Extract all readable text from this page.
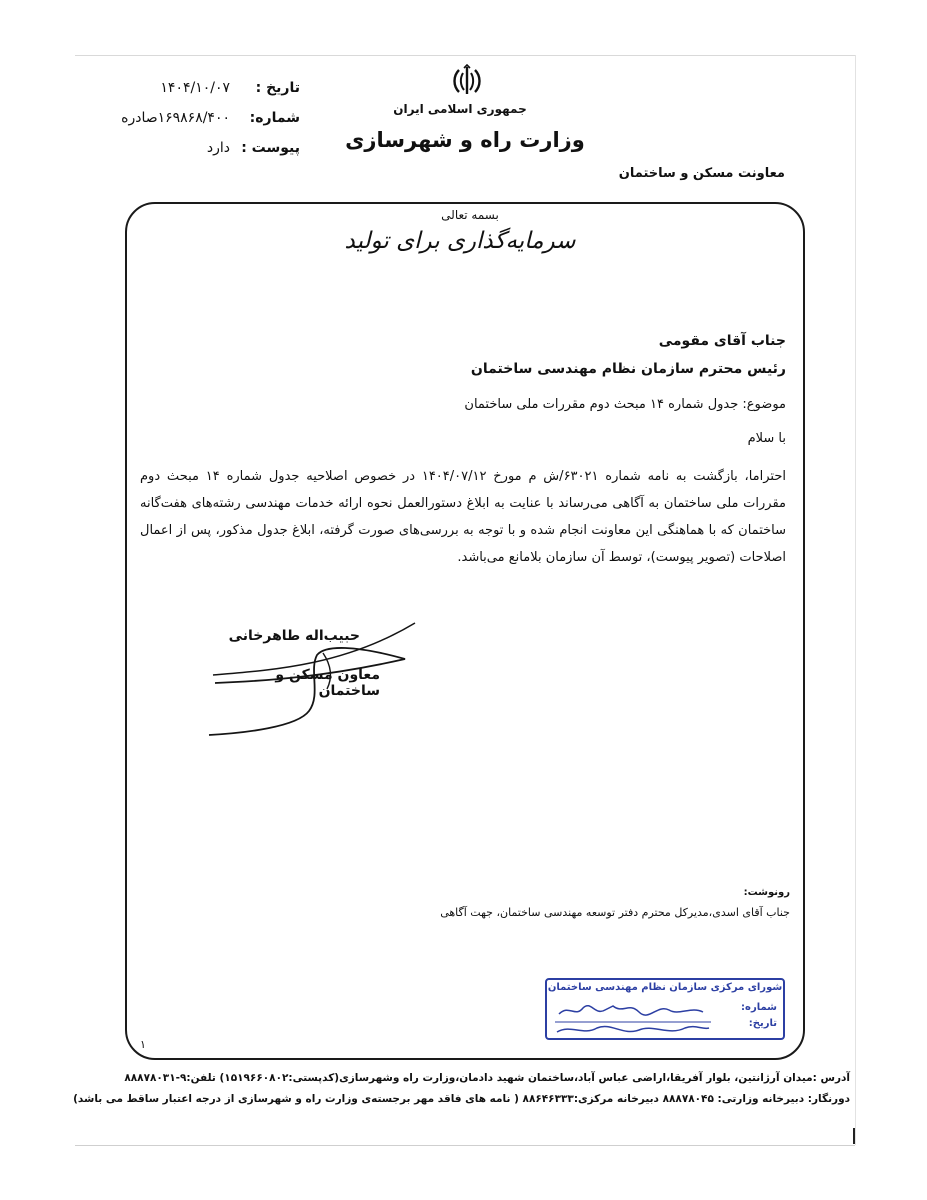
تاریخ :
۱۴۰۴/۱۰/۰۷
شماره:
۱۶۹۸۶۸/۴۰۰صادره
پیوست :
دارد
جمهوری اسلامی ایران
وزارت راه و شهرسازی
معاونت مسکن و ساختمان
بسمه تعالی
سرمایه‌گذاری برای تولید
جناب آقای مقومی
رئیس محترم سازمان نظام مهندسی ساختمان
موضوع: جدول شماره ۱۴ مبحث دوم مقررات ملی ساختمان
با سلام
احتراما، بازگشت به نامه شماره ۶۳۰۲۱/ش م مورخ ۱۴۰۴/۰۷/۱۲ در خصوص اصلاحیه جدول شماره ۱۴ مبحث دوم مقررات ملی ساختمان به آگاهی می‌رساند با عنایت به ابلاغ دستورالعمل نحوه ارائه خدمات مهندسی رشته‌های هفت‌گانه ساختمان که با هماهنگی این معاونت انجام شده و با توجه به بررسی‌های صورت گرفته، ابلاغ جدول مذکور، پس از اعمال اصلاحات (تصویر پیوست)، توسط آن سازمان بلامانع می‌باشد.
حبیب‌اله طاهرخانی
معاون مسکن و ساختمان
رونوشت:
جناب آقای اسدی،مدیرکل محترم دفتر توسعه مهندسی ساختمان، جهت آگاهی
شورای مرکزی سازمان نظام مهندسی ساختمان
شماره:
تاریخ:
۱
آدرس :میدان آرژانتین، بلوار آفریقا،اراضی عباس آباد،ساختمان شهید دادمان،وزارت راه وشهرسازی(کدپستی:۱۵۱۹۶۶۰۸۰۲) تلفن:۹-۸۸۸۷۸۰۳۱
دورنگار: دبیرخانه وزارتی: ۸۸۸۷۸۰۴۵ دبیرخانه مرکزی:۸۸۶۴۶۳۳۳ ( نامه های فاقد مهر برجسته‌ی وزارت راه و شهرسازی از درجه اعتبار ساقط می باشد)
